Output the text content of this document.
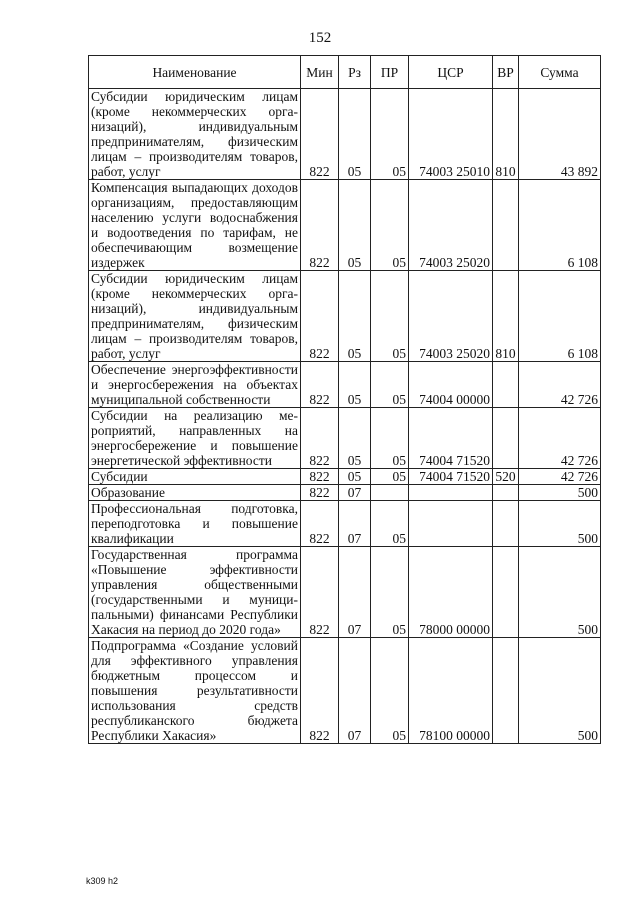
152
Наименование	Мин	Рз	ПР	ЦСР	ВР	Сумма
Субсидии юридическим лицам (кроме некоммерческих организаций), индивидуальным предпринимателям, физическим лицам – производителям товаров, работ, услуг	822	05	05	74003 25010	810	43 892
Компенсация выпадающих доходов организациям, предоставляющим населению услуги водоснабжения и водоотведения по тарифам, не обеспечивающим возмещение издержек	822	05	05	74003 25020		6 108
Субсидии юридическим лицам (кроме некоммерческих организаций), индивидуальным предпринимателям, физическим лицам – производителям товаров, работ, услуг	822	05	05	74003 25020	810	6 108
Обеспечение энергоэффективности и энергосбережения на объектах муниципальной собственности	822	05	05	74004 00000		42 726
Субсидии на реализацию мероприятий, направленных на энергосбережение и повышение энергетической эффективности	822	05	05	74004 71520		42 726
Субсидии	822	05	05	74004 71520	520	42 726
Образование	822	07				500
Профессиональная подготовка, переподготовка и повышение квалификации	822	07	05			500
Государственная программа «Повышение эффективности управления общественными (государственными и муниципальными) финансами Республики Хакасия на период до 2020 года»	822	07	05	78000 00000		500
Подпрограмма «Создание условий для эффективного управления бюджетным процессом и повышения результативности использования средств республиканского бюджета Республики Хакасия»	822	07	05	78100 00000		500
k309 h2
